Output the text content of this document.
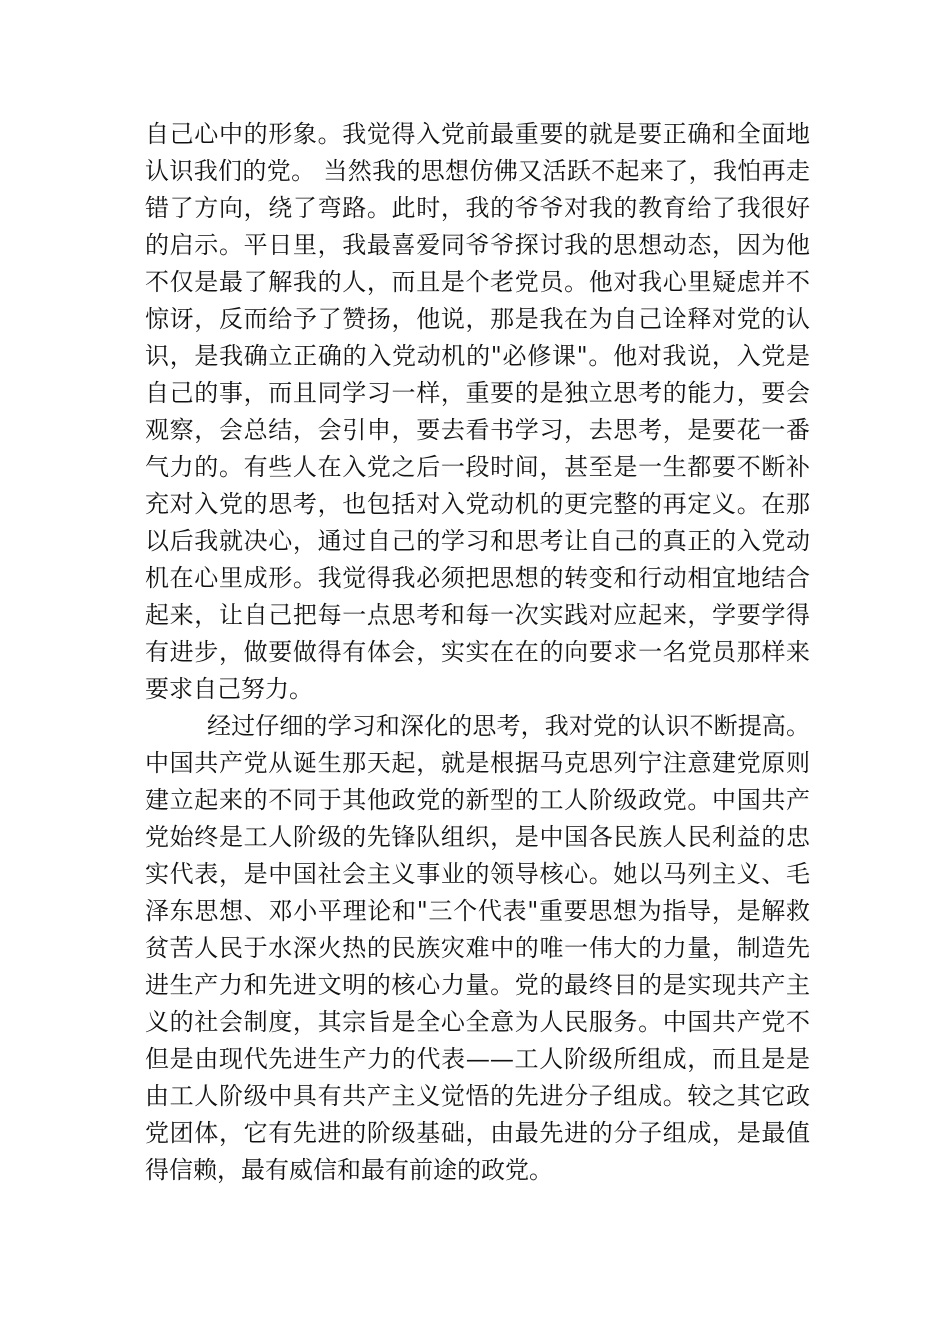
自己心中的形象。我觉得入党前最重要的就是要正确和全面地
认识我们的党。 当然我的思想仿佛又活跃不起来了，我怕再走
错了方向，绕了弯路。此时，我的爷爷对我的教育给了我很好
的启示。平日里，我最喜爱同爷爷探讨我的思想动态，因为他
不仅是最了解我的人，而且是个老党员。他对我心里疑虑并不
惊讶，反而给予了赞扬，他说，那是我在为自己诠释对党的认
识，是我确立正确的入党动机的"必修课"。他对我说，入党是
自己的事，而且同学习一样，重要的是独立思考的能力，要会
观察，会总结，会引申，要去看书学习，去思考，是要花一番
气力的。有些人在入党之后一段时间，甚至是一生都要不断补
充对入党的思考，也包括对入党动机的更完整的再定义。在那
以后我就决心，通过自己的学习和思考让自己的真正的入党动
机在心里成形。我觉得我必须把思想的转变和行动相宜地结合
起来，让自己把每一点思考和每一次实践对应起来，学要学得
有进步，做要做得有体会，实实在在的向要求一名党员那样来
要求自己努力。
经过仔细的学习和深化的思考，我对党的认识不断提高。
中国共产党从诞生那天起，就是根据马克思列宁注意建党原则
建立起来的不同于其他政党的新型的工人阶级政党。中国共产
党始终是工人阶级的先锋队组织，是中国各民族人民利益的忠
实代表，是中国社会主义事业的领导核心。她以马列主义、毛
泽东思想、邓小平理论和"三个代表"重要思想为指导，是解救
贫苦人民于水深火热的民族灾难中的唯一伟大的力量，制造先
进生产力和先进文明的核心力量。党的最终目的是实现共产主
义的社会制度，其宗旨是全心全意为人民服务。中国共产党不
但是由现代先进生产力的代表——工人阶级所组成，而且是是
由工人阶级中具有共产主义觉悟的先进分子组成。较之其它政
党团体，它有先进的阶级基础，由最先进的分子组成，是最值
得信赖，最有威信和最有前途的政党。
